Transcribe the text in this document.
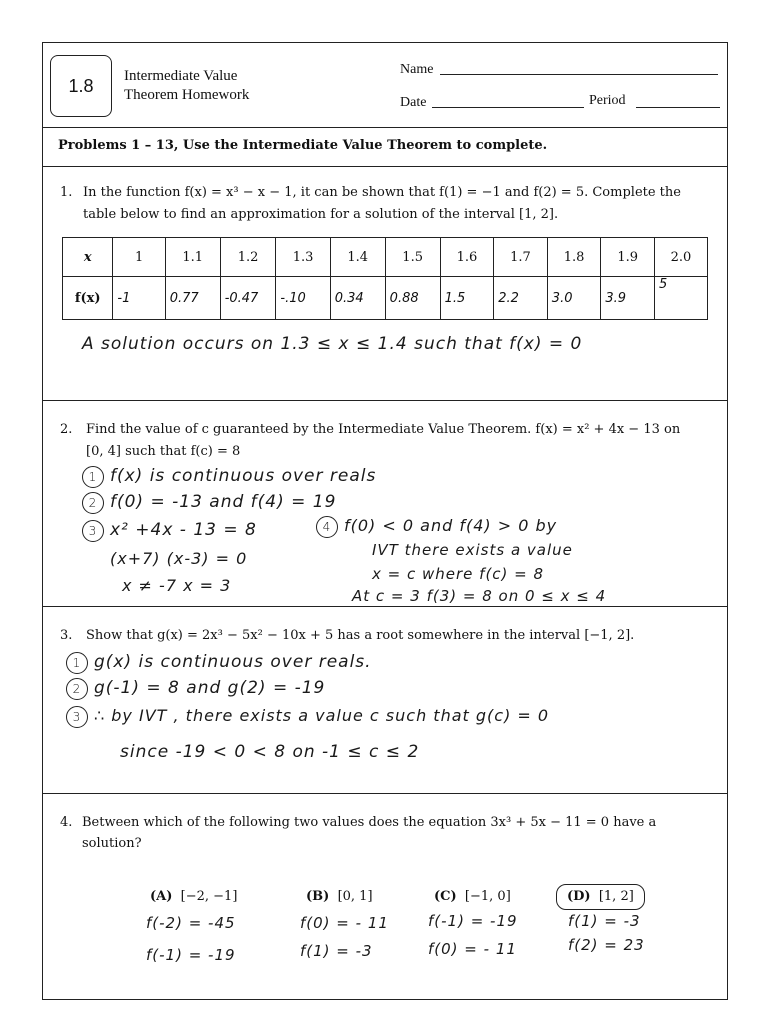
1.8	Intermediate Value
Theorem Homework
Name
Date	Period
Problems 1 – 13, Use the Intermediate Value Theorem to complete.
1. In the function f(x) = x³ − x − 1, it can be shown that f(1) = −1 and f(2) = 5. Complete the
table below to find an approximation for a solution of the interval [1, 2].
x	1	1.1	1.2	1.3	1.4	1.5	1.6	1.7	1.8	1.9	2.0
f(x)	-1	0.77	-0.47	-.10	0.34	0.88	1.5	2.2	3.0	3.9	5
A solution occurs on 1.3 ≤ x ≤ 1.4 such that f(x) = 0
2. Find the value of c guaranteed by the Intermediate Value Theorem. f(x) = x² + 4x − 13 on
[0, 4] such that f(c) = 8
1 f(x) is continuous over reals
2 f(0) = -13 and f(4) = 19
3 x² +4x - 13 = 8
(x+7) (x-3) = 0
x ≠ -7 x = 3
4 f(0) < 0 and f(4) > 0 by
IVT there exists a value
x = c where f(c) = 8
At c = 3 f(3) = 8 on 0 ≤ x ≤ 4
3. Show that g(x) = 2x³ − 5x² − 10x + 5 has a root somewhere in the interval [−1, 2].
1 g(x) is continuous over reals.
2 g(-1) = 8 and g(2) = -19
3 ∴ by IVT , there exists a value c such that g(c) = 0
since -19 < 0 < 8 on -1 ≤ c ≤ 2
4. Between which of the following two values does the equation 3x³ + 5x − 11 = 0 have a
solution?
(A) [−2, −1]
f(-2) = -45
f(-1) = -19
(B) [0, 1]
f(0) = - 11
f(1) = -3
(C) [−1, 0]
f(-1) = -19
f(0) = - 11
(D) [1, 2]
f(1) = -3
f(2) = 23
